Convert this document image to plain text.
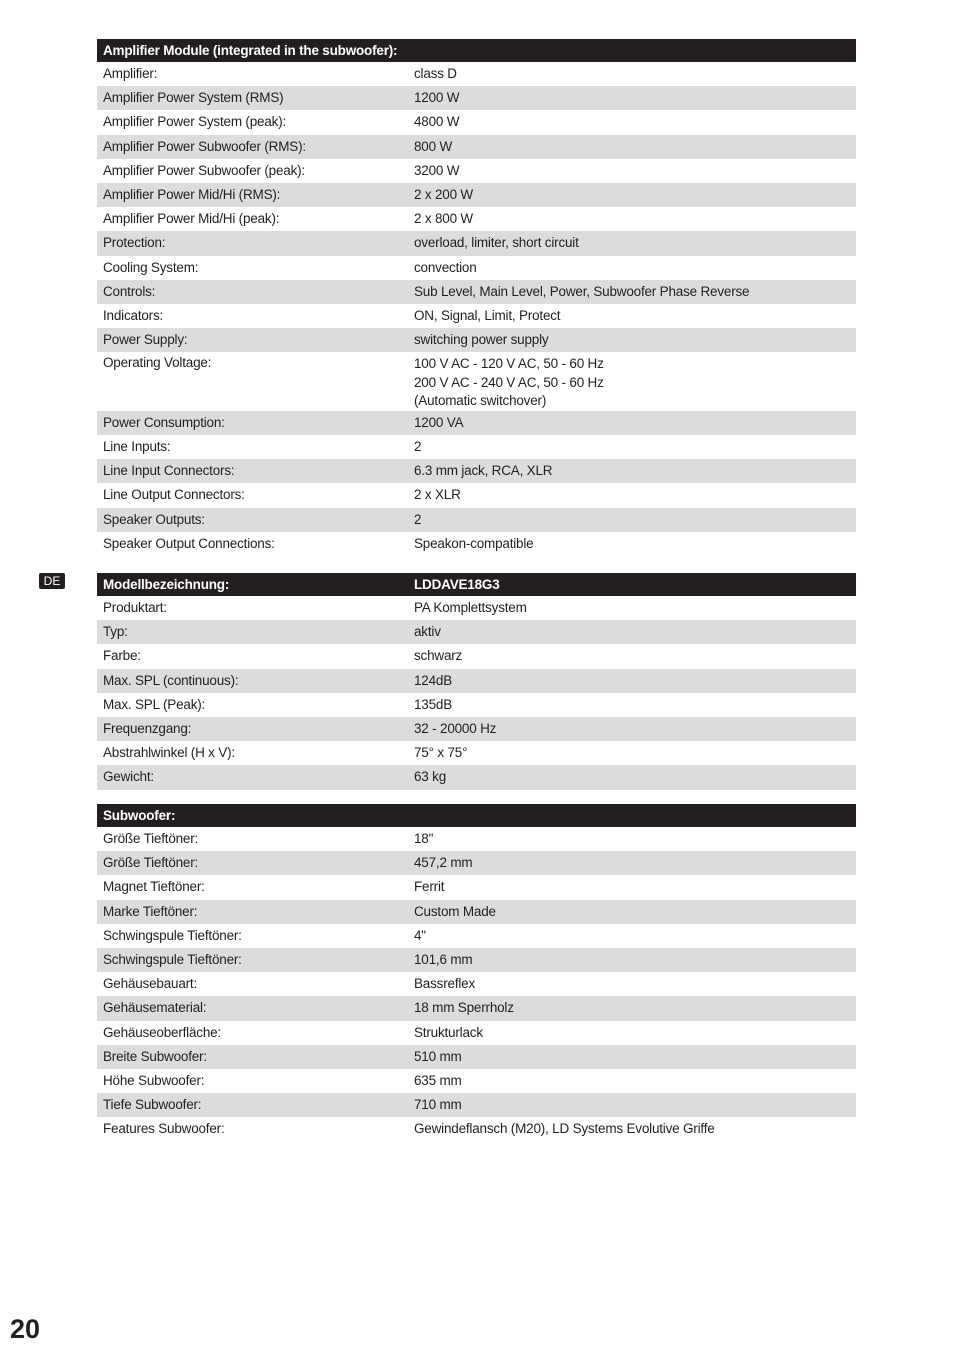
Amplifier Module (integrated in the subwoofer):	
Amplifier:	class D
Amplifier Power System (RMS)	1200 W
Amplifier Power System (peak):	4800 W
Amplifier Power Subwoofer (RMS):	800 W
Amplifier Power Subwoofer (peak):	3200 W
Amplifier Power Mid/Hi (RMS):	2 x 200 W
Amplifier Power Mid/Hi (peak):	2 x 800 W
Protection:	overload, limiter, short circuit
Cooling System:	convection
Controls:	Sub Level, Main Level, Power, Subwoofer Phase Reverse
Indicators:	ON, Signal, Limit, Protect
Power Supply:	switching power supply
Operating Voltage:	100 V AC - 120 V AC, 50 - 60 Hz
200 V AC - 240 V AC, 50 - 60 Hz
(Automatic switchover)

Power Consumption:	1200 VA
Line Inputs:	2
Line Input Connectors:	6.3 mm jack, RCA, XLR
Line Output Connectors:	2 x XLR
Speaker Outputs:	2
Speaker Output Connections:	Speakon-compatible
DE	Modellbezeichnung:	LDDAVE18G3
Produktart:	PA Komplettsystem
Typ:	aktiv
Farbe:	schwarz
Max. SPL (continuous):	124dB
Max. SPL (Peak):	135dB
Frequenzgang:	32 - 20000 Hz
Abstrahlwinkel (H x V):	75° x 75°
Gewicht:	63 kg
Subwoofer:	
Größe Tieftöner:	18"
Größe Tieftöner:	457,2 mm
Magnet Tieftöner:	Ferrit
Marke Tieftöner:	Custom Made
Schwingspule Tieftöner:	4"
Schwingspule Tieftöner:	101,6 mm
Gehäusebauart:	Bassreflex
Gehäusematerial:	18 mm Sperrholz
Gehäuseoberfläche:	Strukturlack
Breite Subwoofer:	510 mm
Höhe Subwoofer:	635 mm
Tiefe Subwoofer:	710 mm
Features Subwoofer:	Gewindeflansch (M20), LD Systems Evolutive Griffe
20
